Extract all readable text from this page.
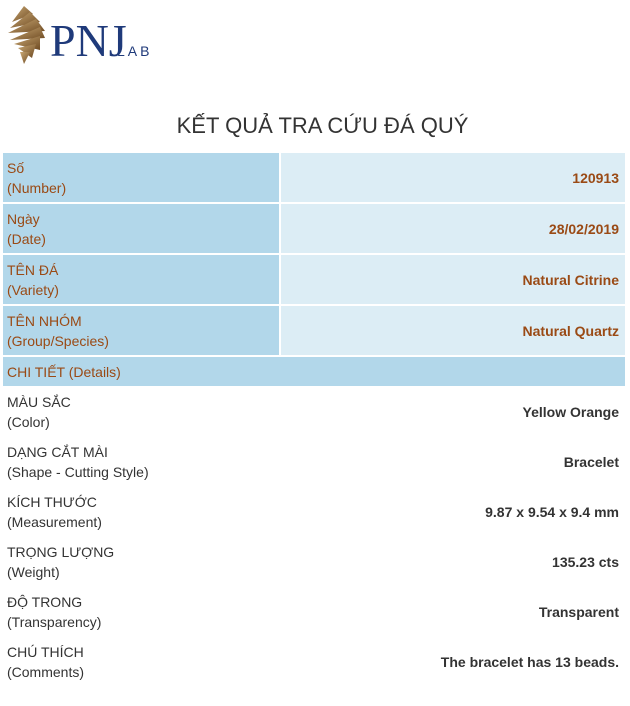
PNJ
LAB
KẾT QUẢ TRA CỨU ĐÁ QUÝ
Số
(Number)	120913

Ngày
(Date)	28/02/2019

TÊN ĐÁ
(Variety)	Natural Citrine

TÊN NHÓM
(Group/Species)	Natural Quartz
CHI TIẾT (Details)	

MÀU SẮC
(Color)	Yellow Orange

DẠNG CẮT MÀI
(Shape - Cutting Style)	Bracelet

KÍCH THƯỚC
(Measurement)	9.87 x 9.54 x 9.4 mm

TRỌNG LƯỢNG
(Weight)	135.23 cts

ĐỘ TRONG
(Transparency)	Transparent

CHÚ THÍCH
(Comments)	The bracelet has 13 beads.
